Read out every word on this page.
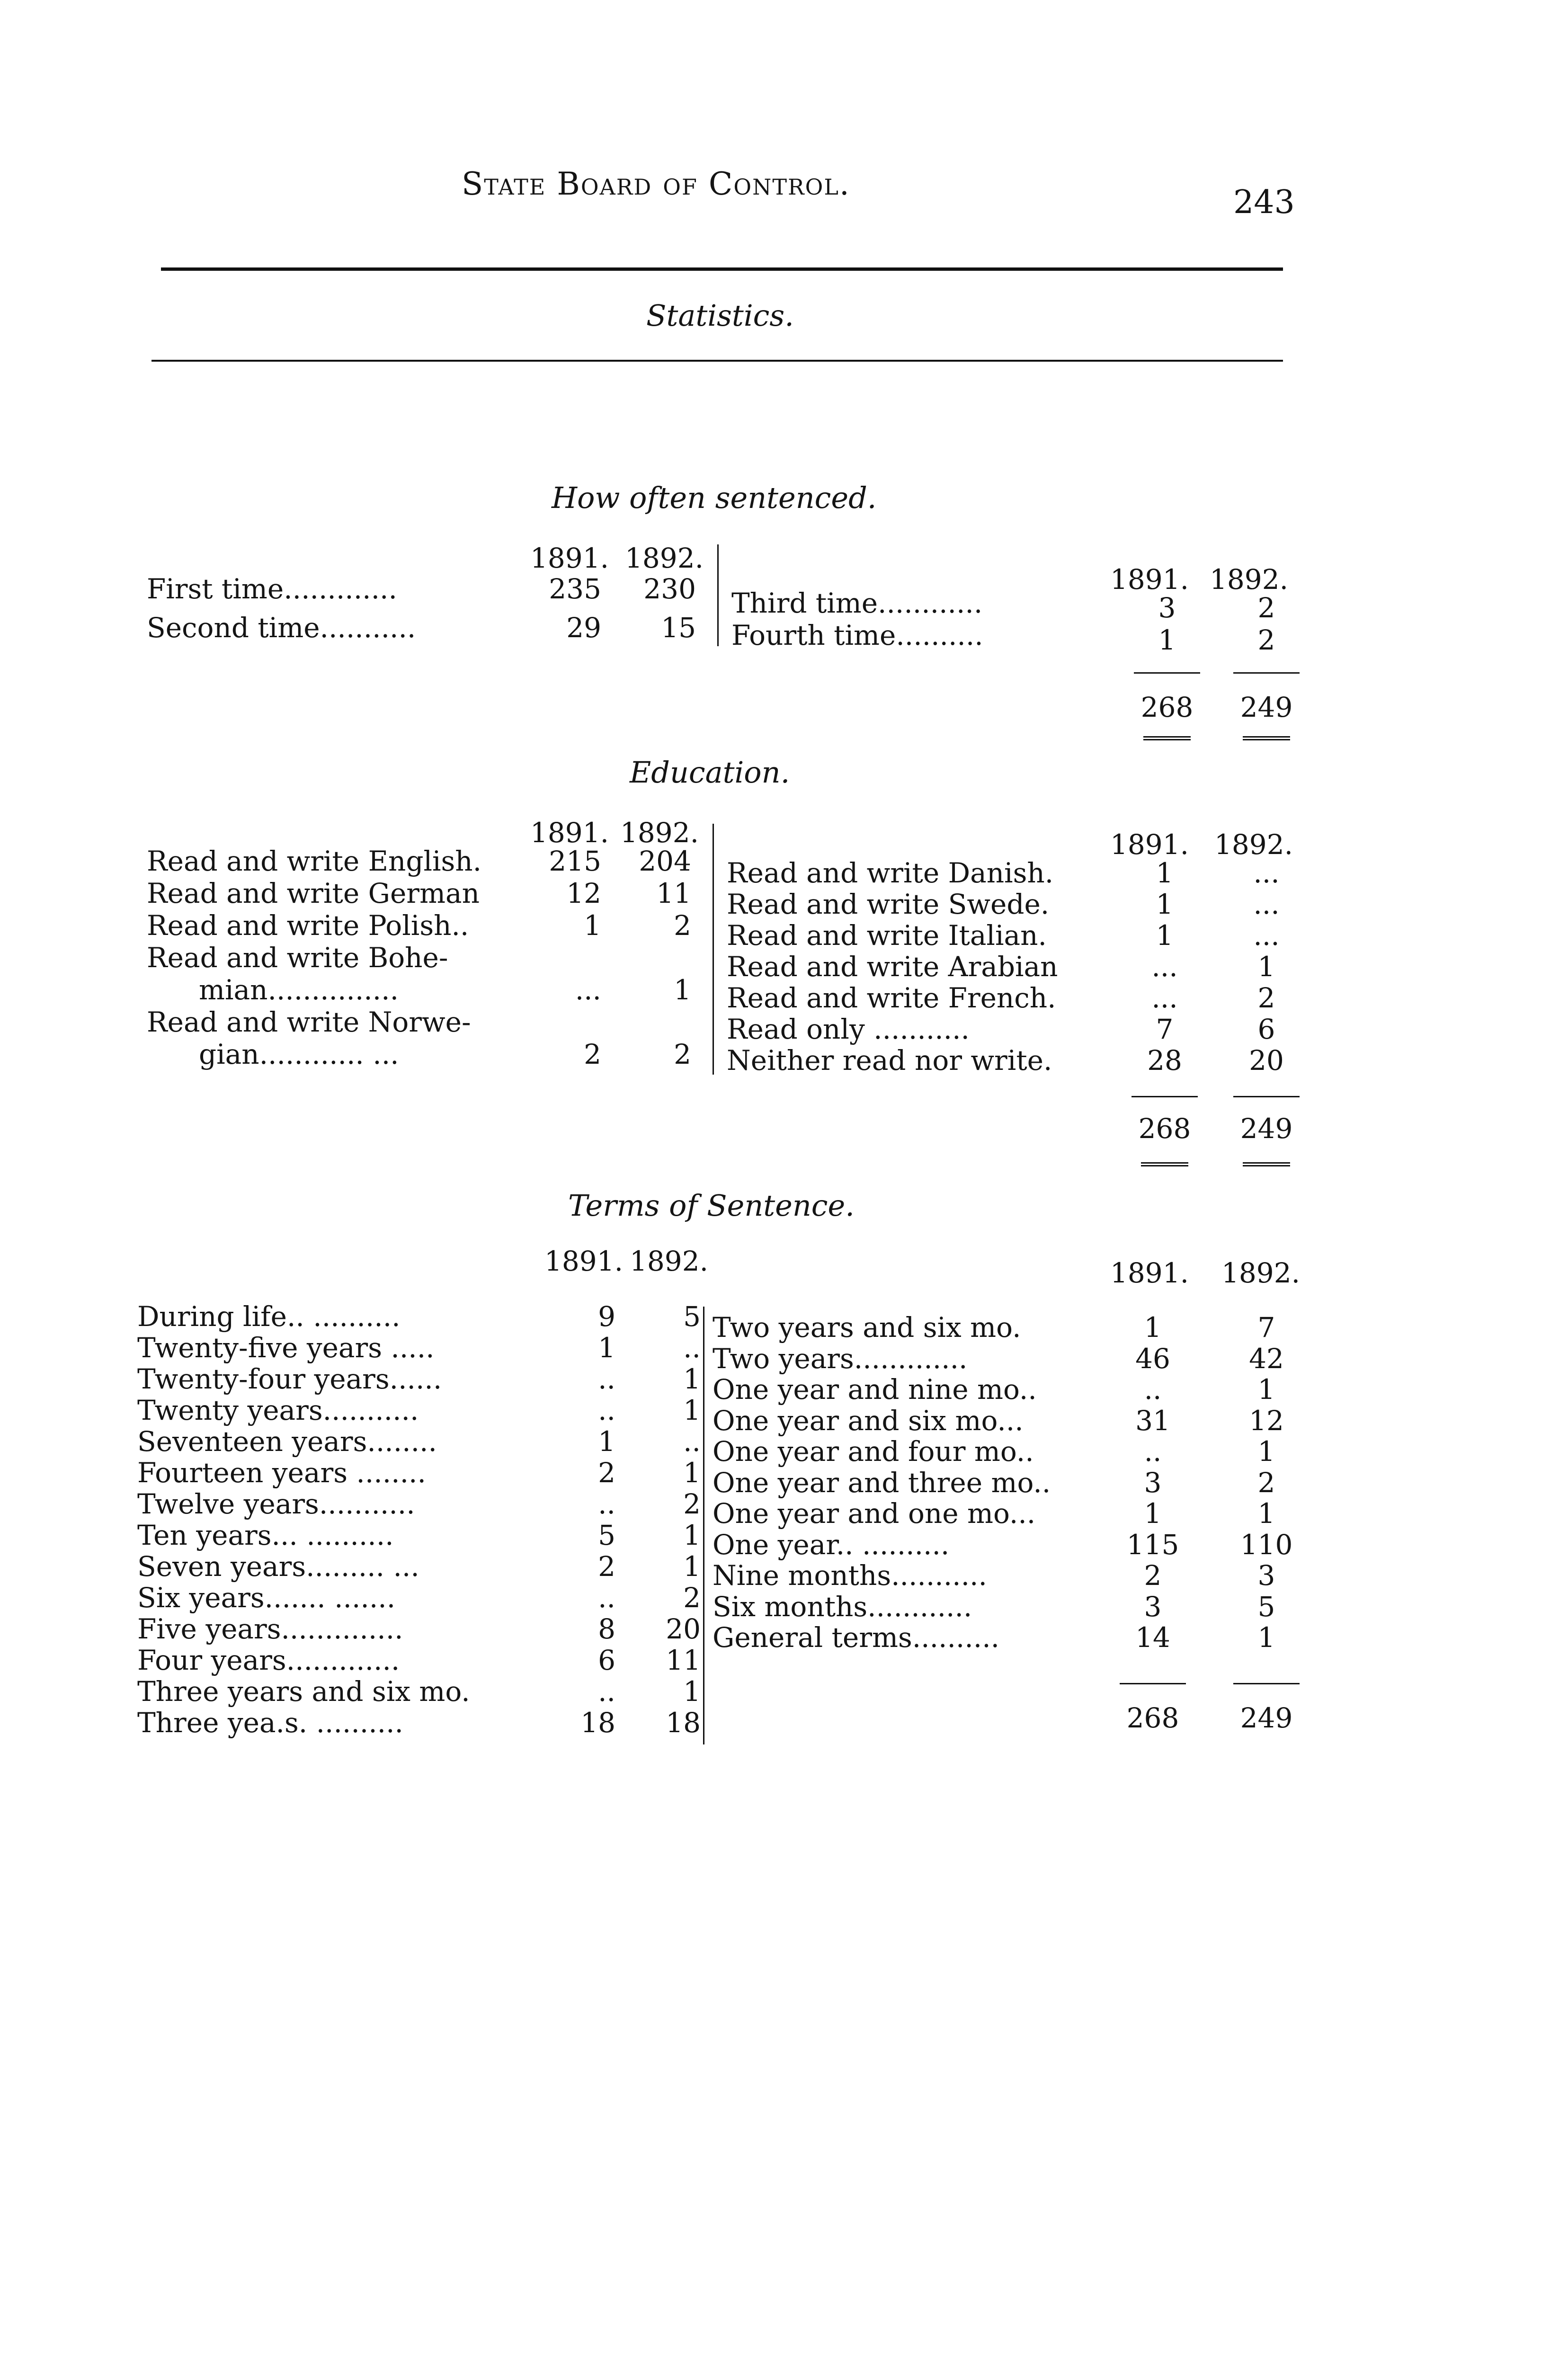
State Board of Control.	243
Statistics.
How often sentenced.
1891. 1892.
First time.............	235	230
Second time...........	29	15
1891. 1892.
Third time............	3	2
Fourth time..........	1	2
268	249
Education.
1891. 1892.
Read and write English.	215	204
Read and write German	12	11
Read and write Polish..	1	2
Read and write Bohe-
mian...............	...	1
Read and write Norwe-
gian............ ...	2	2
1891. 1892.
Read and write Danish.	1	...
Read and write Swede.	1	...
Read and write Italian.	1	...
Read and write Arabian	...	1
Read and write French.	...	2
Read only ...........	7	6
Neither read nor write.	28	20
268	249
Terms of Sentence.
1891. 1892.
During life.. ..........	9	5
Twenty-five years .....	1	..
Twenty-four years......	..	1
Twenty years...........	..	1
Seventeen years........	1	..
Fourteen years ........	2	1
Twelve years...........	..	2
Ten years... ..........	5	1
Seven years......... ...	2	1
Six years....... .......	..	2
Five years..............	8	20
Four years.............	6	11
Three years and six mo.	..	1
Three yea.s. ..........	18	18
1891. 1892.
Two years and six mo.	1	7
Two years.............	46	42
One year and nine mo..	..	1
One year and six mo...	31	12
One year and four mo..	..	1
One year and three mo..	3	2
One year and one mo...	1	1
One year.. ..........	115	110
Nine months...........	2	3
Six months............	3	5
General terms..........	14	1
268	249
